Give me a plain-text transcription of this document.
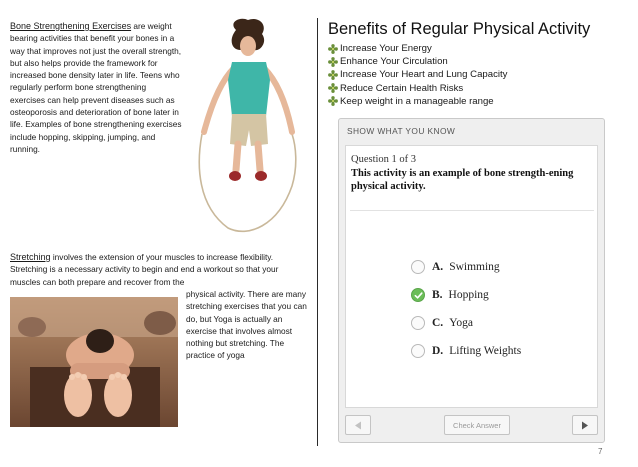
Bone Strengthening Exercises are weight bearing activities that benefit your bones in a way that improves not just the overall strength, but also helps provide the framework for increased bone density later in life. Teens who regularly perform bone strengthening exercises can help prevent diseases such as osteoporosis and deterioration of bone later in life. Examples of bone strengthening exercises include hopping, skipping, jumping, and running.
Stretching involves the extension of your muscles to increase flexibility. Stretching is a necessary activity to begin and end a workout so that your muscles can both prepare and recover from the
physical activity. There are many stretching exercises that you can do, but Yoga is actually an exercise that involves almost nothing but stretching. The practice of yoga
Benefits of Regular Physical Activity
Increase Your Energy
Enhance Your Circulation
Increase Your Heart and Lung Capacity
Reduce Certain Health Risks
Keep weight in a manageable range
SHOW WHAT YOU KNOW
Question 1 of 3
This activity is an example of bone strength-ening physical activity.
A. Swimming
B. Hopping
C. Yoga
D. Lifting Weights
Check Answer
7
